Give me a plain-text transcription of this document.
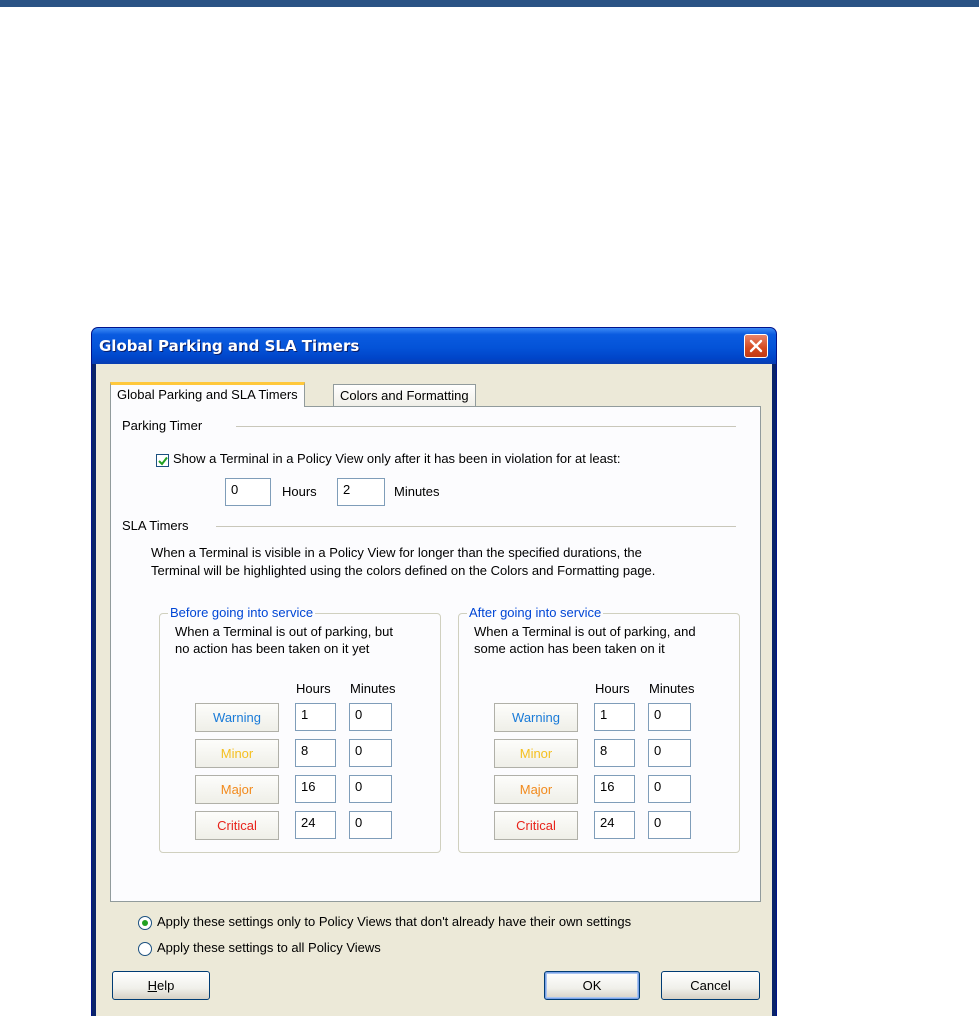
Global Parking and SLA Timers
Global Parking and SLA Timers	Colors and Formatting
Parking Timer
Show a Terminal in a Policy View only after it has been in violation for at least:
0	Hours	2	Minutes
SLA Timers
When a Terminal is visible in a Policy View for longer than the specified durations, the
Terminal will be highlighted using the colors defined on the Colors and Formatting page.
Before going into service
When a Terminal is out of parking, but
no action has been taken on it yet
Hours Minutes
Warning	1	0
Minor	8	0
Major	16	0
Critical	24	0
After going into service
When a Terminal is out of parking, and
some action has been taken on it
Hours Minutes
Warning	1	0
Minor	8	0
Major	16	0
Critical	24	0
Apply these settings only to Policy Views that don't already have their own settings
Apply these settings to all Policy Views
Help	OK	Cancel
